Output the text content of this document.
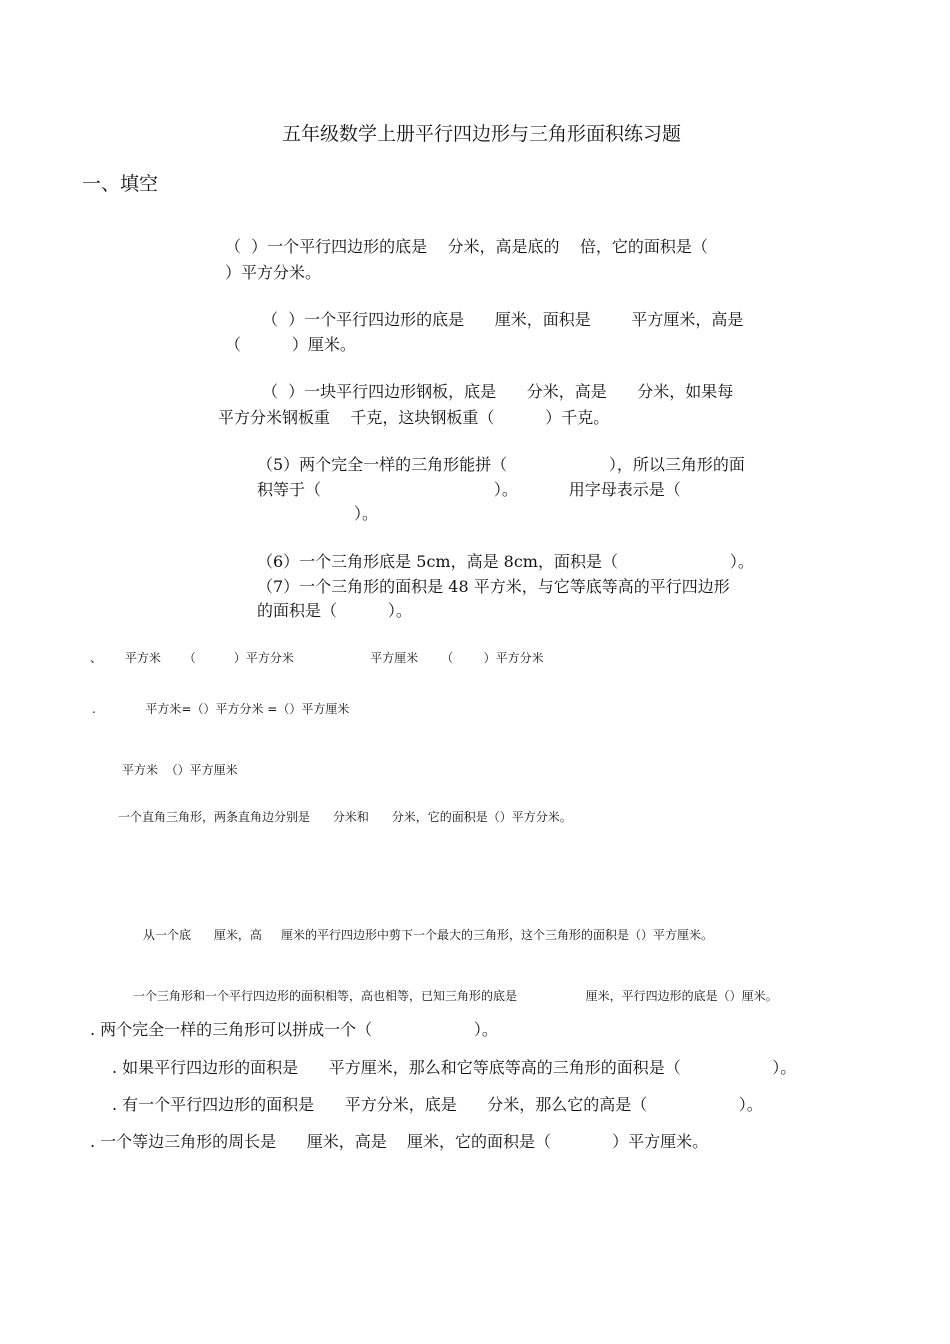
五年级数学上册平行四边形与三角形面积练习题
一、填空
（  ）一个平行四边形的底是    分米，高是底的    倍，它的面积是（
）平方分米。
（  ）一个平行四边形的底是      厘米，面积是        平方厘米，高是
（          ）厘米。
（  ）一块平行四边形钢板，底是      分米，高是      分米，如果每
平方分米钢板重    千克，这块钢板重（          ）千克。
（5）两个完全一样的三角形能拼（                    ），所以三角形的面
积等于（                                  ）。          用字母表示是（
）。
（6）一个三角形底是 5cm，高是 8cm，面积是（                      ）。
（7）一个三角形的面积是 48 平方米，与它等底等高的平行四边形
的面积是（          ）。
、      平方米      （          ）平方分米                    平方厘米      （        ）平方分米
.             平方米=（）平方分米 =（）平方厘米
平方米  （）平方厘米
一个直角三角形，两条直角边分别是      分米和      分米，它的面积是（）平方分米。
从一个底      厘米，高     厘米的平行四边形中剪下一个最大的三角形，这个三角形的面积是（）平方厘米。
一个三角形和一个平行四边形的面积相等，高也相等，已知三角形的底是                  厘米，平行四边形的底是（）厘米。
. 两个完全一样的三角形可以拼成一个（                    ）。
. 如果平行四边形的面积是      平方厘米，那么和它等底等高的三角形的面积是（                  ）。
. 有一个平行四边形的面积是      平方分米，底是      分米，那么它的高是（                  ）。
. 一个等边三角形的周长是      厘米，高是    厘米，它的面积是（            ）平方厘米。
